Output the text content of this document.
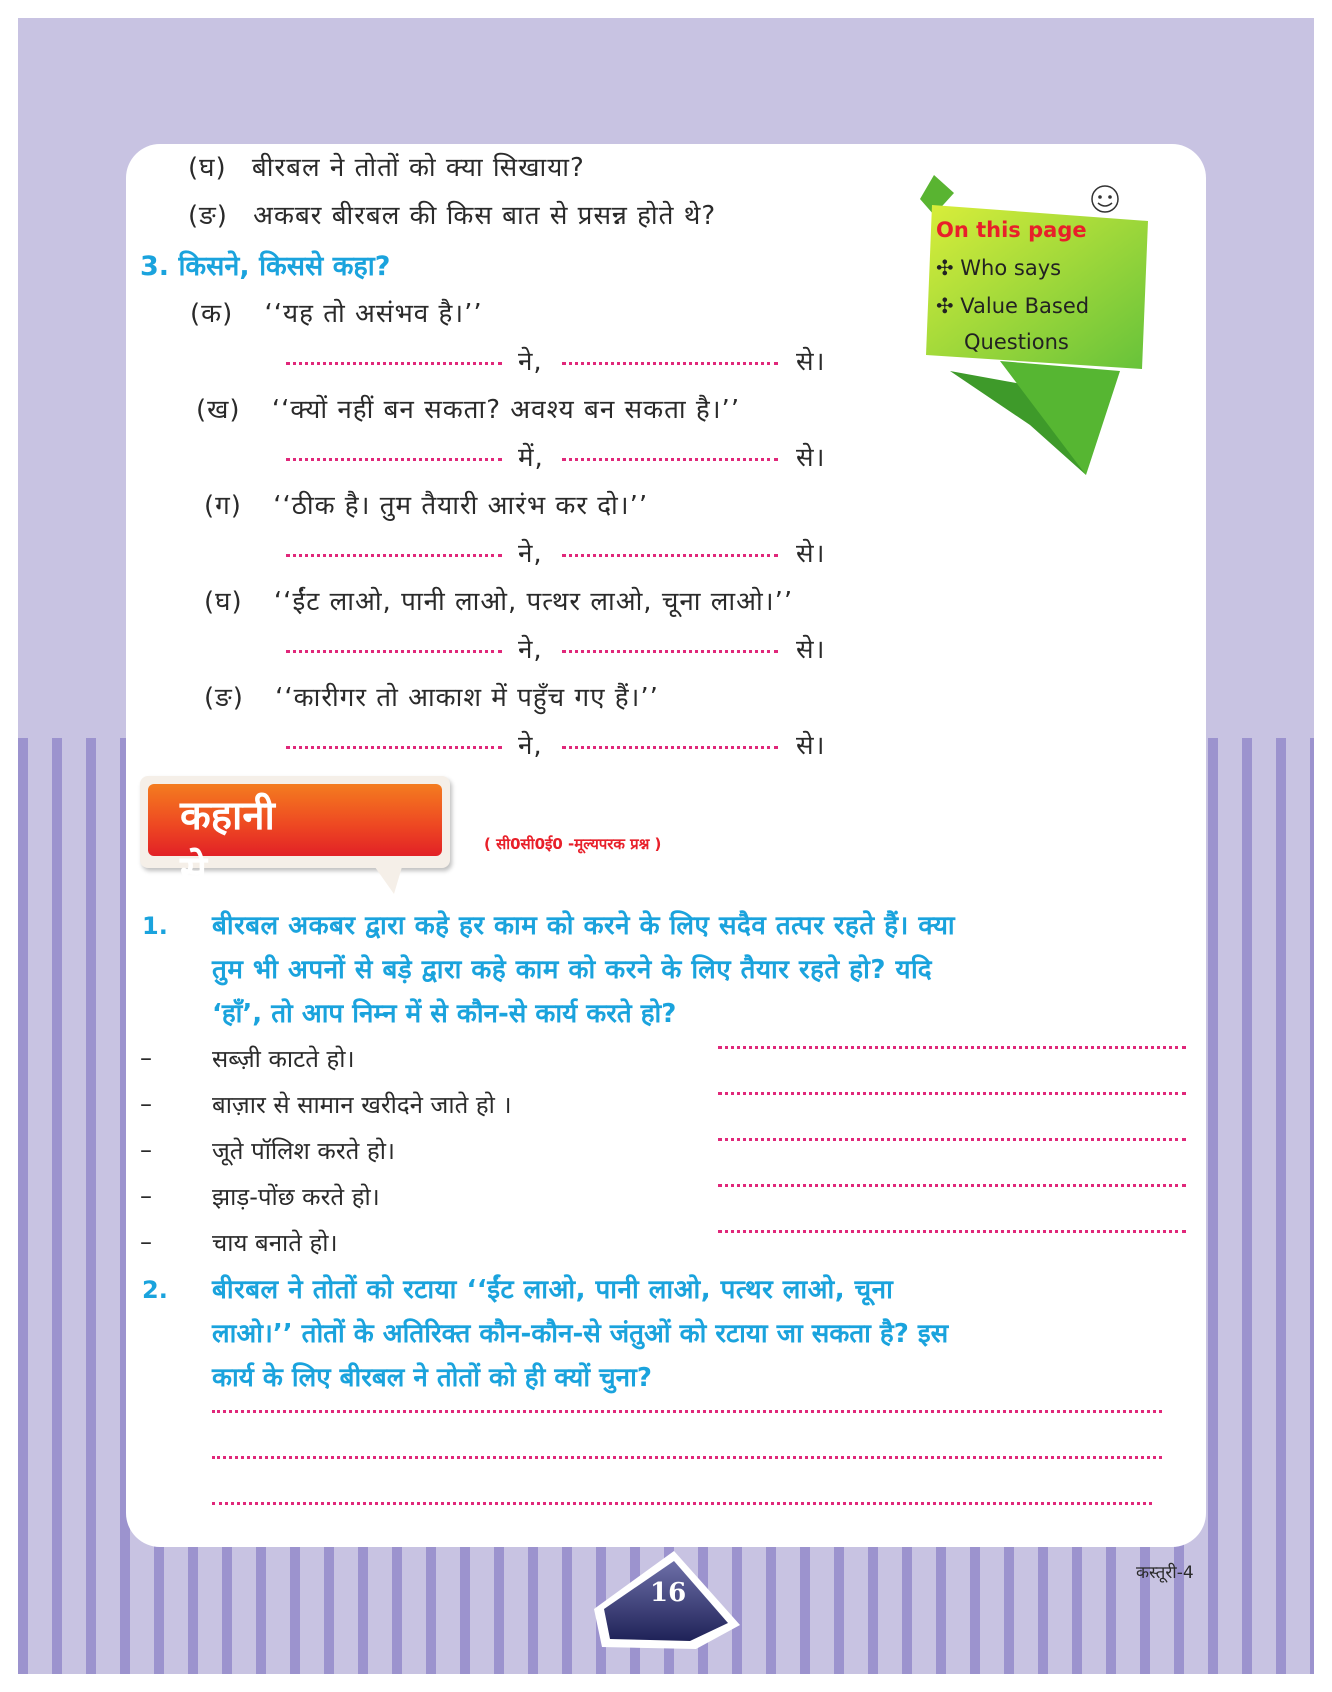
(घ) बीरबल ने तोतों को क्या सिखाया?
(ङ) अकबर बीरबल की किस बात से प्रसन्न होते थे?
3. किसने, किससे कहा?
(क) ‘‘यह तो असंभव है।’’
ने,	से।
(ख) ‘‘क्यों नहीं बन सकता? अवश्य बन सकता है।’’
में,	से।
(ग) ‘‘ठीक है। तुम तैयारी आरंभ कर दो।’’
ने,	से।
(घ) ‘‘ईंट लाओ, पानी लाओ, पत्थर लाओ, चूना लाओ।’’
ने,	से।
(ङ) ‘‘कारीगर तो आकाश में पहुँच गए हैं।’’
ने,	से।
On this page
✣ Who says
✣ Value Based
Questions
कहानी से
( सी0सी0ई0 -मूल्यपरक प्रश्न )
1. बीरबल अकबर द्वारा कहे हर काम को करने के लिए सदैव तत्पर रहते हैं। क्या
तुम भी अपनों से बड़े द्वारा कहे काम को करने के लिए तैयार रहते हो? यदि
‘हाँ’, तो आप निम्न में से कौन-से कार्य करते हो?
–	सब्ज़ी काटते हो।
–	बाज़ार से सामान खरीदने जाते हो ।
–	जूते पॉलिश करते हो।
–	झाड़-पोंछ करते हो।
–	चाय बनाते हो।
2. बीरबल ने तोतों को रटाया ‘‘ईंट लाओ, पानी लाओ, पत्थर लाओ, चूना
लाओ।’’ तोतों के अतिरिक्त कौन-कौन-से जंतुओं को रटाया जा सकता है? इस
कार्य के लिए बीरबल ने तोतों को ही क्यों चुना?
16
कस्तूरी-4
